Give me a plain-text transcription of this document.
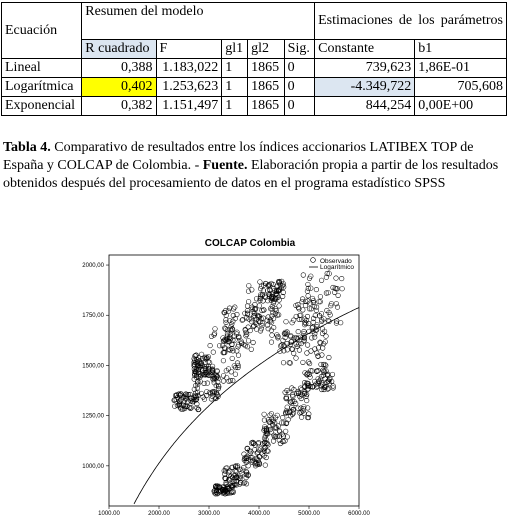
Ecuación	Resumen del modelo					Estimaciones de los parámetros	
	R cuadrado	F	gl1	gl2	Sig.	Constante	b1
Lineal	0,388	1.183,022	1	1865	0	739,623	1,86E-01
Logarítmica	0,402	1.253,623	1	1865	0	-4.349,722	705,608
Exponencial	0,382	1.151,497	1	1865	0	844,254	0,00E+00
Tabla 4. Comparativo de resultados entre los índices accionarios LATIBEX TOP de España y COLCAP de Colombia. - Fuente. Elaboración propia a partir de los resultados obtenidos después del procesamiento de datos en el programa estadístico SPSS
COLCAP Colombia
1000,00	2000,00	3000,00	4000,00	5000,00	6000,00
1000,00
1250,00
1500,00
1750,00
2000,00
Observado
Logarítmico
